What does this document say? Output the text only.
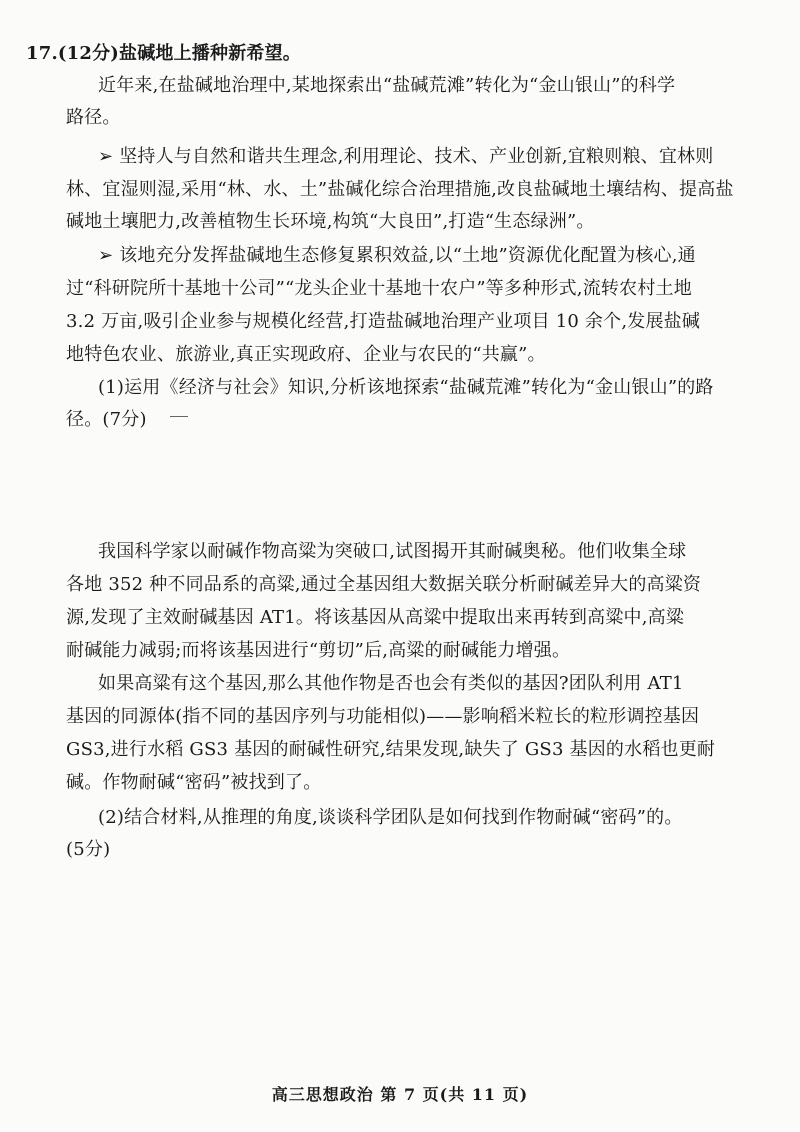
17.(12分)盐碱地上播种新希望。
近年来,在盐碱地治理中,某地探索出“盐碱荒滩”转化为“金山银山”的科学
路径。
➢ 坚持人与自然和谐共生理念,利用理论、技术、产业创新,宜粮则粮、宜林则
林、宜湿则湿,采用“林、水、土”盐碱化综合治理措施,改良盐碱地土壤结构、提高盐
碱地土壤肥力,改善植物生长环境,构筑“大良田”,打造“生态绿洲”。
➢ 该地充分发挥盐碱地生态修复累积效益,以“土地”资源优化配置为核心,通
过“科研院所十基地十公司”“龙头企业十基地十农户”等多种形式,流转农村土地
3.2 万亩,吸引企业参与规模化经营,打造盐碱地治理产业项目 10 余个,发展盐碱
地特色农业、旅游业,真正实现政府、企业与农民的“共赢”。
(1)运用《经济与社会》知识,分析该地探索“盐碱荒滩”转化为“金山银山”的路
径。(7分)
我国科学家以耐碱作物高粱为突破口,试图揭开其耐碱奥秘。他们收集全球
各地 352 种不同品系的高粱,通过全基因组大数据关联分析耐碱差异大的高粱资
源,发现了主效耐碱基因 AT1。将该基因从高粱中提取出来再转到高粱中,高粱
耐碱能力减弱;而将该基因进行“剪切”后,高粱的耐碱能力增强。
如果高粱有这个基因,那么其他作物是否也会有类似的基因?团队利用 AT1
基因的同源体(指不同的基因序列与功能相似)——影响稻米粒长的粒形调控基因
GS3,进行水稻 GS3 基因的耐碱性研究,结果发现,缺失了 GS3 基因的水稻也更耐
碱。作物耐碱“密码”被找到了。
(2)结合材料,从推理的角度,谈谈科学团队是如何找到作物耐碱“密码”的。
(5分)
高三思想政治 第 7 页(共 11 页)
